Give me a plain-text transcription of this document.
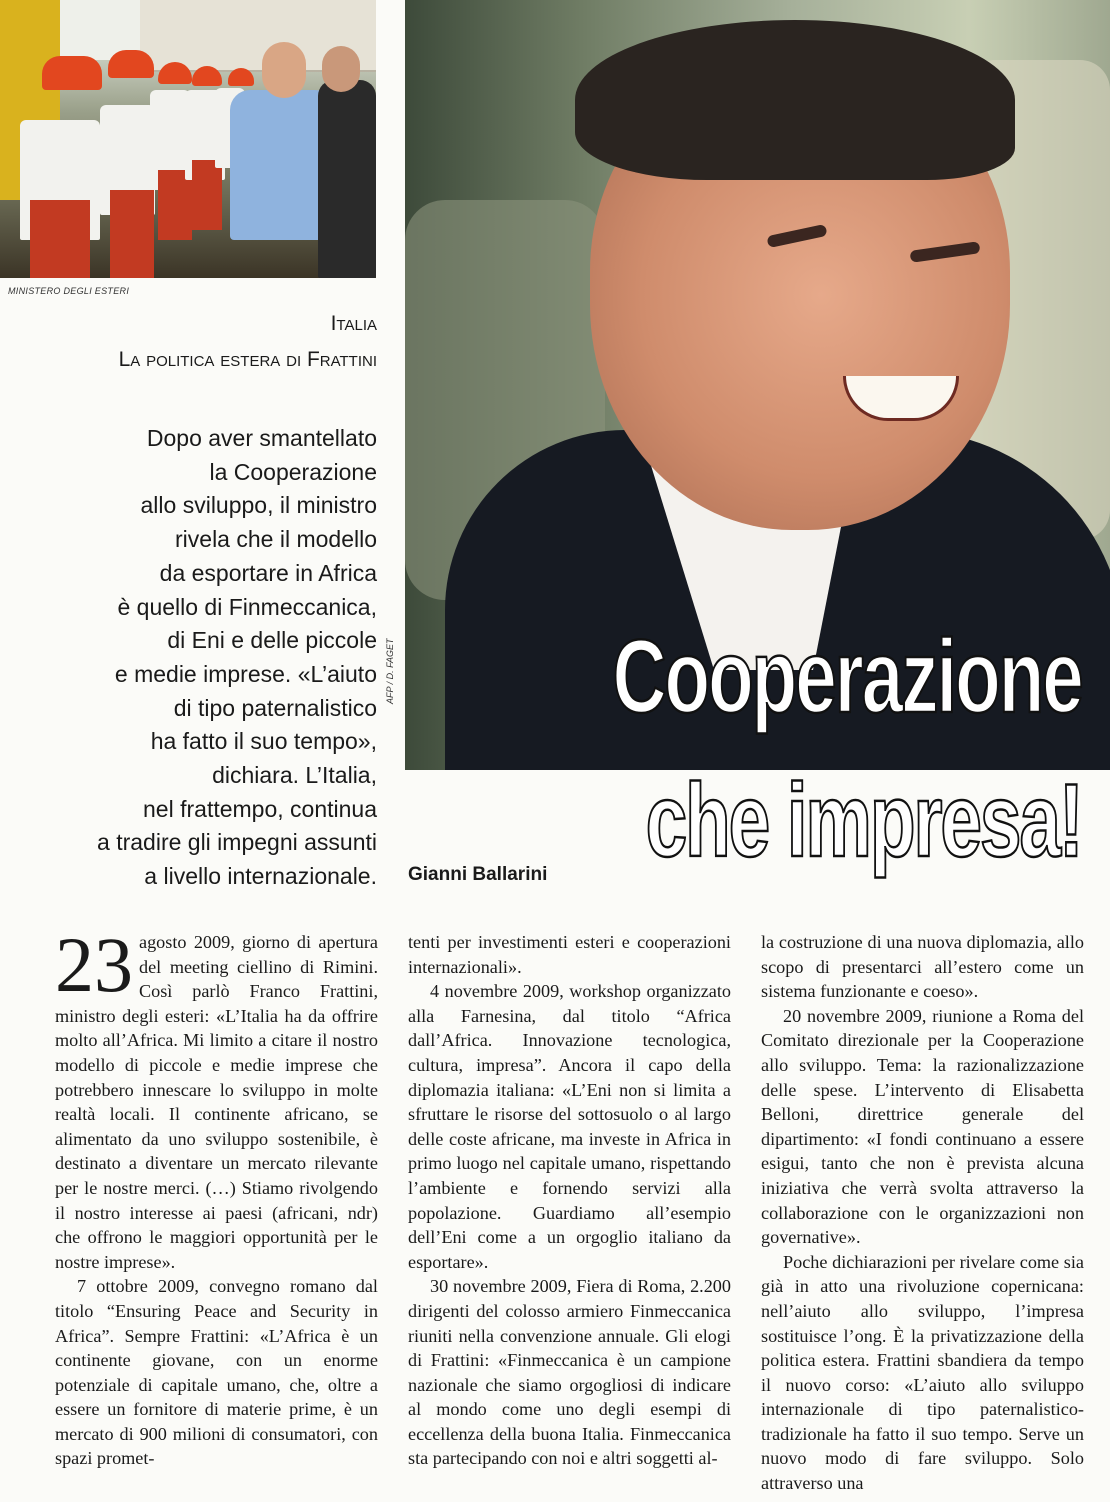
MINISTERO DEGLI ESTERI
AFP / D. FAGET
Italia
La politica estera di Frattini
Dopo aver smantellato
la Cooperazione
allo sviluppo, il ministro
rivela che il modello
da esportare in Africa
è quello di Finmeccanica,
di Eni e delle piccole
e medie imprese. «L’aiuto
di tipo paternalistico
ha fatto il suo tempo»,
dichiara. L’Italia,
nel frattempo, continua
a tradire gli impegni assunti
a livello internazionale.
Cooperazione
che impresa!
Gianni Ballarini

23 agosto 2009, giorno di apertura del meeting ciellino di Rimini. Così parlò Franco Frattini, ministro degli esteri: «L’Italia ha da offrire molto all’Africa. Mi limito a citare il nostro modello di piccole e medie imprese che potrebbero innescare lo sviluppo in molte realtà locali. Il continente africano, se alimentato da uno sviluppo sostenibile, è destinato a diventare un mercato rilevante per le nostre merci. (…) Stiamo rivolgendo il nostro interesse ai paesi (africani, ndr) che offrono le maggiori opportunità per le nostre imprese».

7 ottobre 2009, convegno romano dal titolo “Ensuring Peace and Security in Africa”. Sempre Frattini: «L’Africa è un continente giovane, con un enorme potenziale di capitale umano, che, oltre a essere un fornitore di materie prime, è un mercato di 900 milioni di consumatori, con spazi promet-

tenti per investimenti esteri e cooperazioni internazionali».

4 novembre 2009, workshop organizzato alla Farnesina, dal titolo “Africa dall’Africa. Innovazione tecnologica, cultura, impresa”. Ancora il capo della diplomazia italiana: «L’Eni non si limita a sfruttare le risorse del sottosuolo o al largo delle coste africane, ma investe in Africa in primo luogo nel capitale umano, rispettando l’ambiente e fornendo servizi alla popolazione. Guardiamo all’esempio dell’Eni come a un orgoglio italiano da esportare».

30 novembre 2009, Fiera di Roma, 2.200 dirigenti del colosso armiero Finmeccanica riuniti nella convenzione annuale. Gli elogi di Frattini: «Finmeccanica è un campione nazionale che siamo orgogliosi di indicare al mondo come uno degli esempi di eccellenza della buona Italia. Finmeccanica sta partecipando con noi e altri soggetti al-

la costruzione di una nuova diplomazia, allo scopo di presentarci all’estero come un sistema funzionante e coeso».

20 novembre 2009, riunione a Roma del Comitato direzionale per la Cooperazione allo sviluppo. Tema: la razionalizzazione delle spese. L’intervento di Elisabetta Belloni, direttrice generale del dipartimento: «I fondi continuano a essere esigui, tanto che non è prevista alcuna iniziativa che verrà svolta attraverso la collaborazione con le organizzazioni non governative».

Poche dichiarazioni per rivelare come sia già in atto una rivoluzione copernicana: nell’aiuto allo sviluppo, l’impresa sostituisce l’ong. È la privatizzazione della politica estera. Frattini sbandiera da tempo il nuovo corso: «L’aiuto allo sviluppo internazionale di tipo paternalistico-tradizionale ha fatto il suo tempo. Serve un nuovo modo di fare sviluppo. Solo attraverso una
